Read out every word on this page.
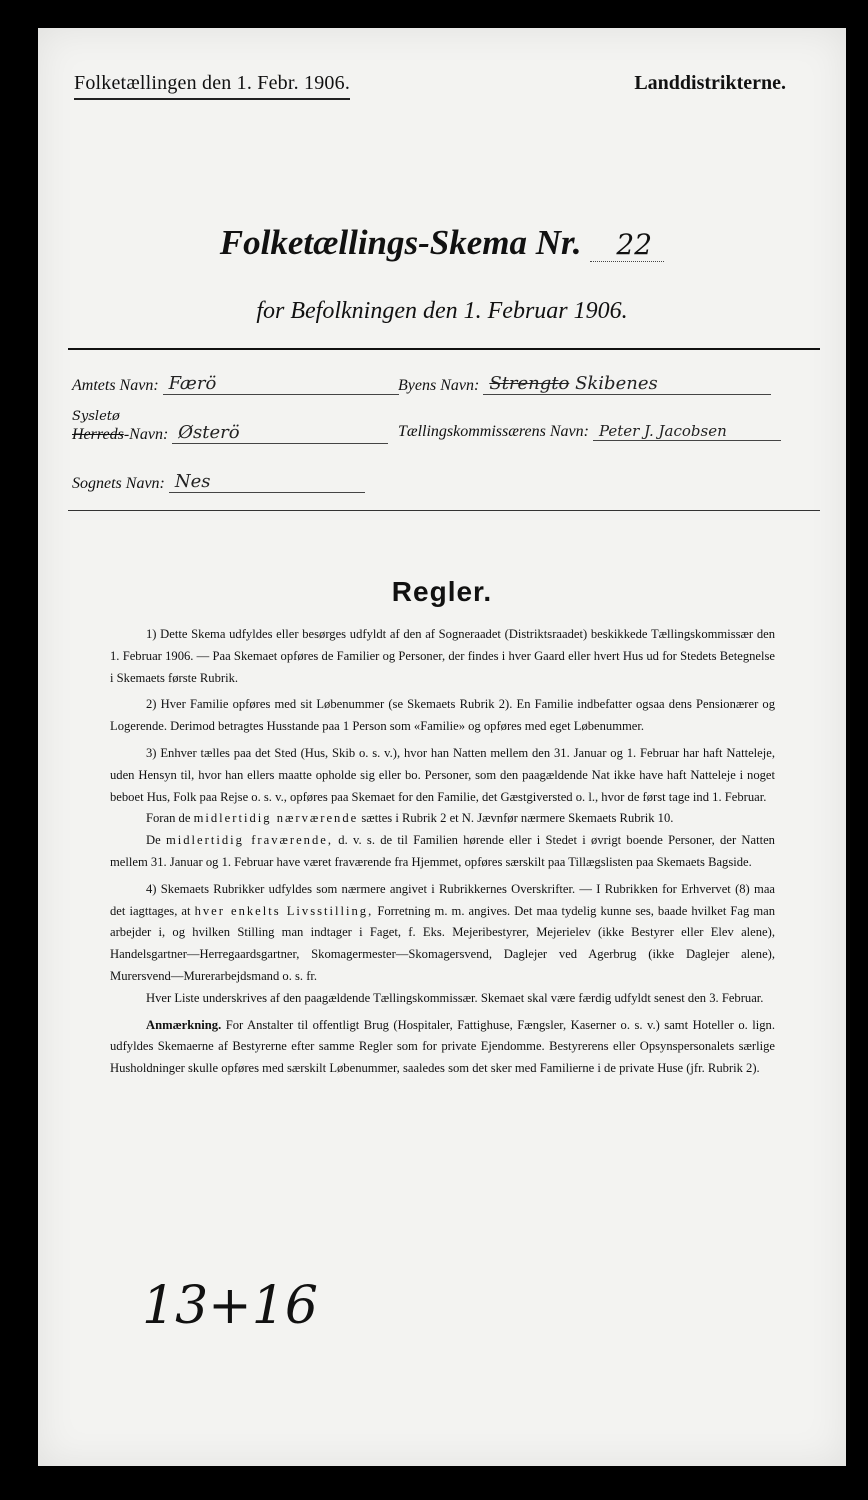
Folketællingen den 1. Febr. 1906.	Landdistrikterne.
Folketællings-Skema Nr. 22
for Befolkningen den 1. Februar 1906.
Amtets Navn: Færö
Sysletø
Herreds-Navn: Østerö
Sognets Navn: Nes
Byens Navn: Strengto Skibenes
Tællingskommissærens Navn: Peter J. Jacobsen
Regler.

1) Dette Skema udfyldes eller besørges udfyldt af den af Sognеraadet (Distriktsraadet) beskikkede Tællingskommissær den 1. Februar 1906. — Paa Skemaet opføres de Familier og Personer, der findes i hver Gaard eller hvert Hus ud for Stedets Betegnelse i Skemaets første Rubrik.

2) Hver Familie opføres med sit Løbenummer (se Skemaets Rubrik 2). En Familie indbefatter ogsaa dens Pensionærer og Logerende. Derimod betragtes Husstande paa 1 Person som «Familie» og opføres med eget Løbenummer.

3) Enhver tælles paa det Sted (Hus, Skib o. s. v.), hvor han Natten mellem den 31. Januar og 1. Februar har haft Natteleje, uden Hensyn til, hvor han ellers maatte opholde sig eller bo. Personer, som den paagældende Nat ikke have haft Natteleje i noget beboet Hus, Folk paa Rejse o. s. v., opføres paa Skemaet for den Familie, det Gæstgiversted o. l., hvor de først tage ind 1. Februar.

Foran de midlertidig nærværende sættes i Rubrik 2 et N. Jævnfør nærmere Skemaets Rubrik 10.

De midlertidig fraværende, d. v. s. de til Familien hørende eller i Stedet i øvrigt boende Personer, der Natten mellem 31. Januar og 1. Februar have været fraværende fra Hjemmet, opføres særskilt paa Tillægslisten paa Skemaets Bagside.

4) Skemaets Rubrikker udfyldes som nærmere angivet i Rubrikkernes Overskrifter. — I Rubrikken for Erhvervet (8) maa det iagttages, at hver enkelts Livsstilling, Forretning m. m. angives. Det maa tydelig kunne ses, baade hvilket Fag man arbejder i, og hvilken Stilling man indtager i Faget, f. Eks. Mejeribestyrer, Mejerielev (ikke Bestyrer eller Elev alene), Handelsgartner—Herregaardsgartner, Skomagermester—Skomagersvend, Daglejer ved Agerbrug (ikke Daglejer alene), Murersvend—Murerarbejdsmand o. s. fr.

Hver Liste underskrives af den paagældende Tællingskommissær. Skemaet skal være færdig udfyldt senest den 3. Februar.

Anmærkning. For Anstalter til offentligt Brug (Hospitaler, Fattighuse, Fængsler, Kaserner o. s. v.) samt Hoteller o. lign. udfyldes Skemaerne af Bestyrerne efter samme Regler som for private Ejendomme. Bestyrerens eller Opsynspersonalets særlige Husholdninger skulle opføres med særskilt Løbenummer, saaledes som det sker med Familierne i de private Huse (jfr. Rubrik 2).

13+16
